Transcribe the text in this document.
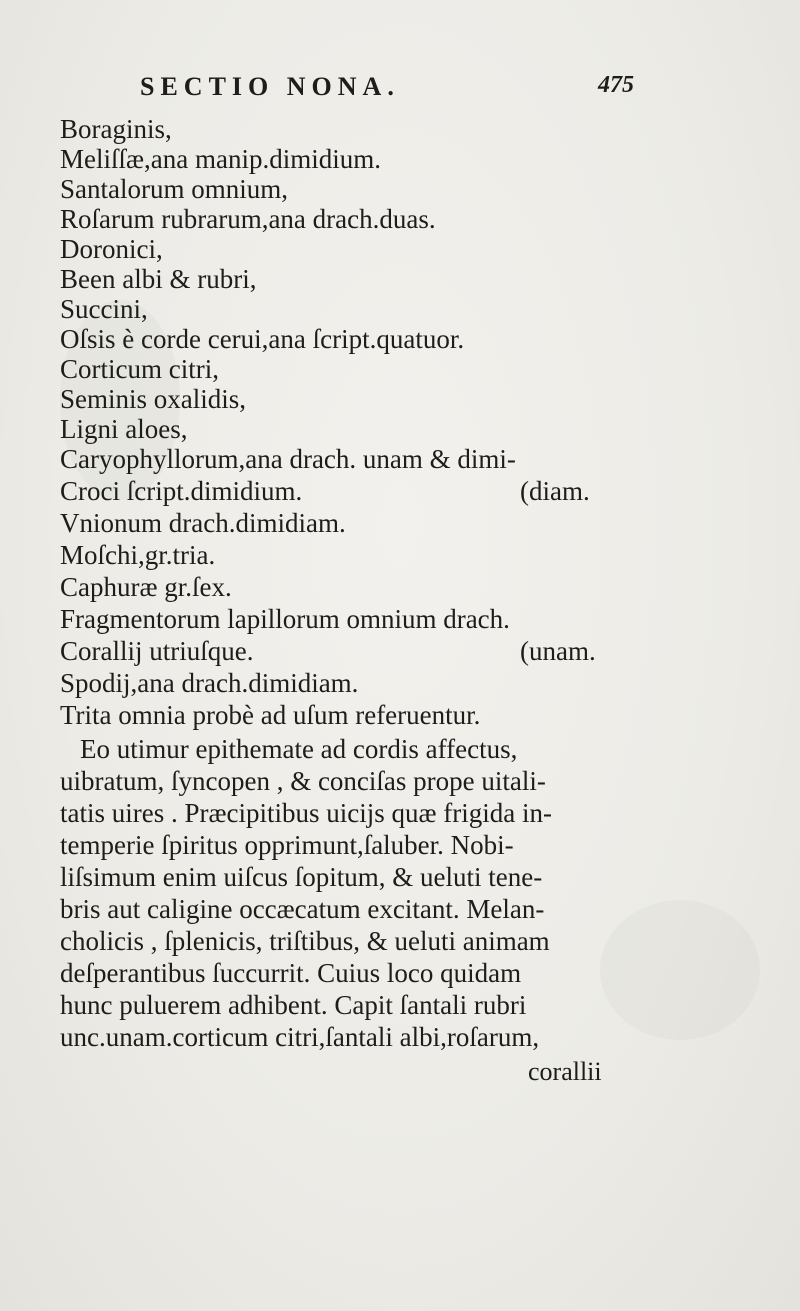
SECTIO NONA.	475
Boraginis,
Meliſſæ,ana manip.dimidium.
Santalorum omnium,
Roſarum rubrarum,ana drach.duas.
Doronici,
Been albi & rubri,
Succini,
Oſsis è corde cerui,ana ſcript.quatuor.
Corticum citri,
Seminis oxalidis,
Ligni aloes,
Caryophyllorum,ana drach. unam & dimi-
Croci ſcript.dimidium.	(diam.
Vnionum drach.dimidiam.
Moſchi,gr.tria.
Caphuræ gr.ſex.
Fragmentorum lapillorum omnium drach.
Corallij utriuſque.	(unam.
Spodij,ana drach.dimidiam.
Trita omnia probè ad uſum referuentur.
Eo utimur epithemate ad cordis affectus,
uibratum, ſyncopen , & conciſas prope uitali-
tatis uires . Præcipitibus uicijs quæ frigida in-
temperie ſpiritus opprimunt,ſaluber. Nobi-
liſsimum enim uiſcus ſopitum, & ueluti tene-
bris aut caligine occæcatum excitant. Melan-
cholicis , ſplenicis, triſtibus, & ueluti animam
deſperantibus ſuccurrit. Cuius loco quidam
hunc puluerem adhibent. Capit ſantali rubri
unc.unam.corticum citri,ſantali albi,roſarum,
corallii
